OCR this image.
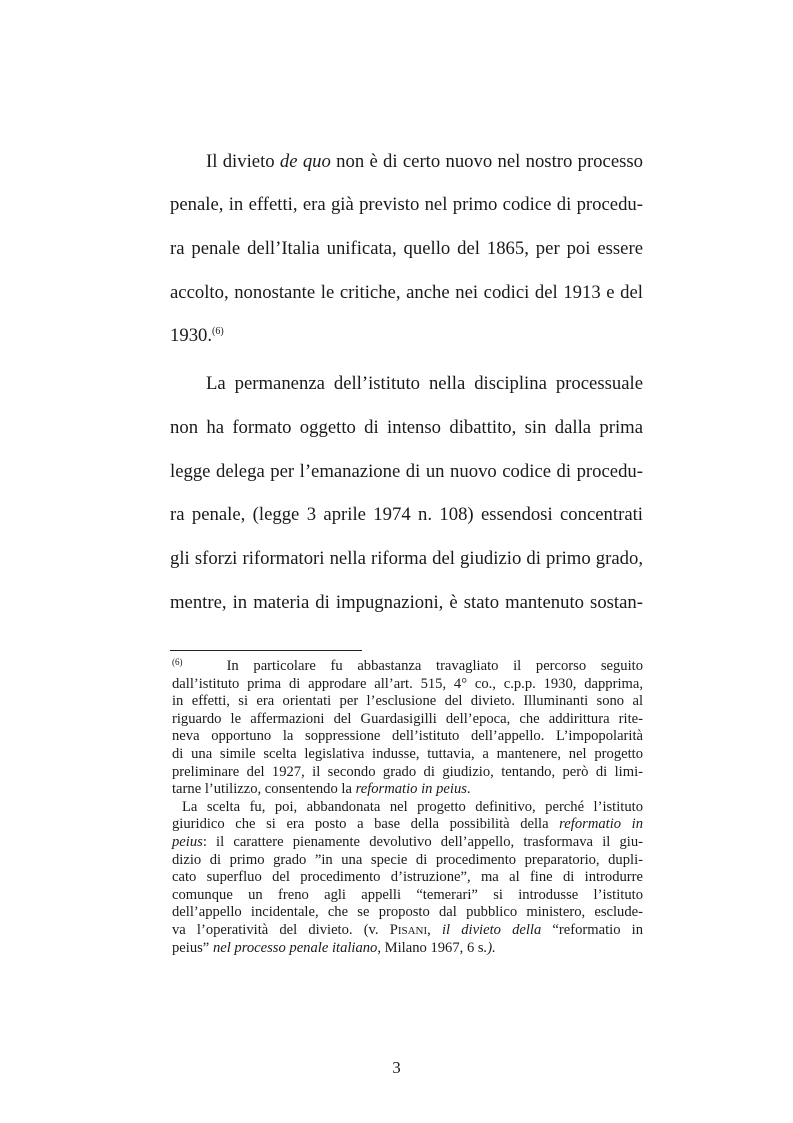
Il divieto de quo non è di certo nuovo nel nostro processo
penale, in effetti, era già previsto nel primo codice di procedu-
ra penale dell’Italia unificata, quello del 1865, per poi essere
accolto, nonostante le critiche, anche nei codici del 1913 e del
1930.$^{(6)}$
La permanenza dell’istituto nella disciplina processuale
non ha formato oggetto di intenso dibattito, sin dalla prima
legge delega per l’emanazione di un nuovo codice di procedu-
ra penale, (legge 3 aprile 1974 n. 108) essendosi concentrati
gli sforzi riformatori nella riforma del giudizio di primo grado,
mentre, in materia di impugnazioni, è stato mantenuto sostan-
$^{(6)}$	In particolare fu abbastanza travagliato il percorso seguito
dall’istituto prima di approdare all’art. 515, 4° co., c.p.p. 1930, dapprima,
in effetti, si era orientati per l’esclusione del divieto. Illuminanti sono al
riguardo le affermazioni del Guardasigilli dell’epoca, che addirittura rite-
neva opportuno la soppressione dell’istituto dell’appello. L’impopolarità
di una simile scelta legislativa indusse, tuttavia, a mantenere, nel progetto
preliminare del 1927, il secondo grado di giudizio, tentando, però di limi-
tarne l’utilizzo, consentendo la reformatio in peius.
La scelta fu, poi, abbandonata nel progetto definitivo, perché l’istituto
giuridico che si era posto a base della possibilità della reformatio in
peius: il carattere pienamente devolutivo dell’appello, trasformava il giu-
dizio di primo grado ”in una specie di procedimento preparatorio, dupli-
cato superfluo del procedimento d’istruzione”, ma al fine di introdurre
comunque un freno agli appelli “temerari” si introdusse l’istituto
dell’appello incidentale, che se proposto dal pubblico ministero, esclude-
va l’operatività del divieto. (v. PISANI, il divieto della “reformatio in
peius” nel processo penale italiano, Milano 1967, 6 s.).
3
